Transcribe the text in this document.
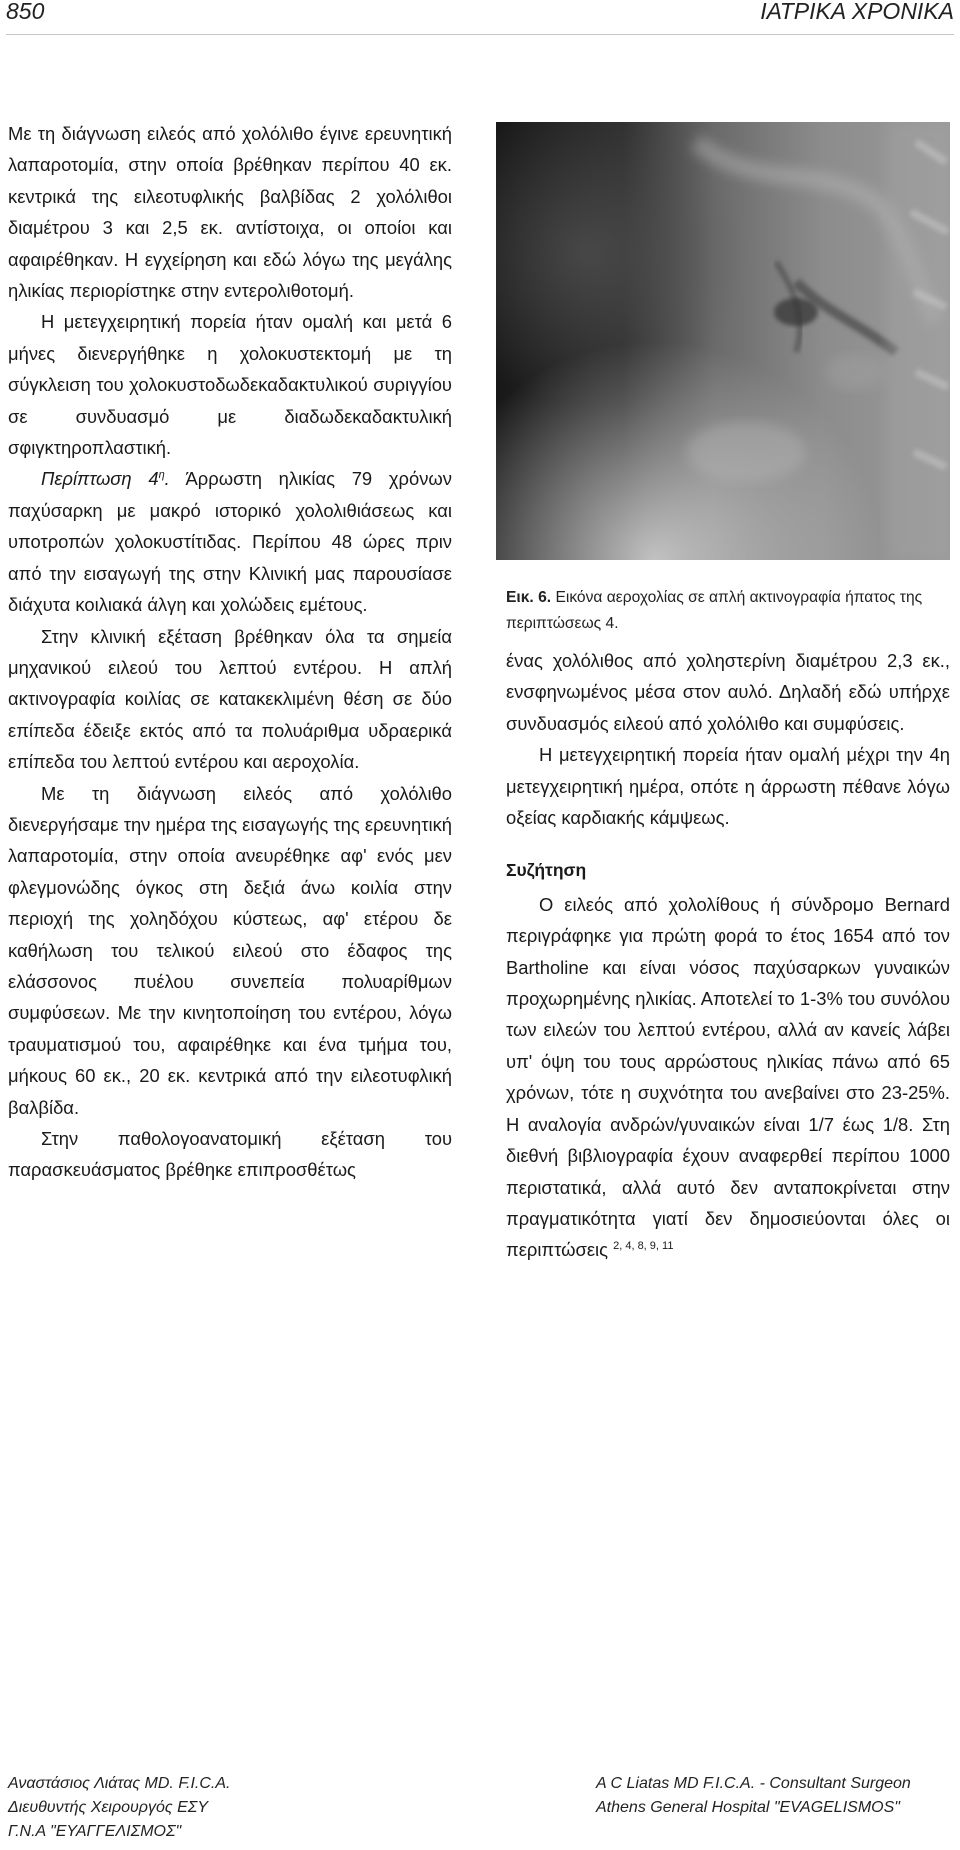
850	ΙΑΤΡΙΚΑ ΧΡΟΝΙΚΑ

Με τη διάγνωση ειλεός από χολόλιθο έγινε ερευνητική λαπαροτομία, στην οποία βρέθηκαν περίπου 40 εκ. κεντρικά της ειλεοτυφλικής βαλβίδας 2 χολόλιθοι διαμέτρου 3 και 2,5 εκ. αντίστοιχα, οι οποίοι και αφαιρέθηκαν. Η εγχείρηση και εδώ λόγω της μεγάλης ηλικίας περιορίστηκε στην εντερολιθοτομή.

Η μετεγχειρητική πορεία ήταν ομαλή και μετά 6 μήνες διενεργήθηκε η χολοκυστεκτομή με τη σύγκλειση του χολοκυστοδωδεκαδακτυλικού συριγγίου σε συνδυασμό με διαδωδεκαδακτυλική σφιγκτηροπλαστική.

Περίπτωση $4^\eta$. Άρρωστη ηλικίας 79 χρόνων παχύσαρκη με μακρό ιστορικό χολολιθιάσεως και υποτροπών χολοκυστίτιδας. Περίπου 48 ώρες πριν από την εισαγωγή της στην Κλινική μας παρουσίασε διάχυτα κοιλιακά άλγη και χολώδεις εμέτους.

Στην κλινική εξέταση βρέθηκαν όλα τα σημεία μηχανικού ειλεού του λεπτού εντέρου. Η απλή ακτινογραφία κοιλίας σε κατακεκλιμένη θέση σε δύο επίπεδα έδειξε εκτός από τα πολυάριθμα υδραερικά επίπεδα του λεπτού εντέρου και αεροχολία.

Με τη διάγνωση ειλεός από χολόλιθο διενεργήσαμε την ημέρα της εισαγωγής της ερευνητική λαπαροτομία, στην οποία ανευρέθηκε αφ' ενός μεν φλεγμονώδης όγκος στη δεξιά άνω κοιλία στην περιοχή της χοληδόχου κύστεως, αφ' ετέρου δε καθήλωση του τελικού ειλεού στο έδαφος της ελάσσονος πυέλου συνεπεία πολυαρίθμων συμφύσεων. Με την κινητοποίηση του εντέρου, λόγω τραυματισμού του, αφαιρέθηκε και ένα τμήμα του, μήκους 60 εκ., 20 εκ. κεντρικά από την ειλεοτυφλική βαλβίδα.

Στην παθολογοανατομική εξέταση του παρασκευάσματος βρέθηκε επιπροσθέτως

Εικ. 6. Εικόνα αεροχολίας σε απλή ακτινογραφία ήπατος της περιπτώσεως 4.

ένας χολόλιθος από χοληστερίνη διαμέτρου 2,3 εκ., ενσφηνωμένος μέσα στον αυλό. Δηλαδή εδώ υπήρχε συνδυασμός ειλεού από χολόλιθο και συμφύσεις.

Η μετεγχειρητική πορεία ήταν ομαλή μέχρι την 4η μετεγχειρητική ημέρα, οπότε η άρρωστη πέθανε λόγω οξείας καρδιακής κάμψεως.

Συζήτηση

Ο ειλεός από χολολίθους ή σύνδρομο Bernard περιγράφηκε για πρώτη φορά το έτος 1654 από τον Bartholine και είναι νόσος παχύσαρκων γυναικών προχωρημένης ηλικίας. Αποτελεί το 1-3% του συνόλου των ειλεών του λεπτού εντέρου, αλλά αν κανείς λάβει υπ' όψη του τους αρρώστους ηλικίας πάνω από 65 χρόνων, τότε η συχνότητα του ανεβαίνει στο 23-25%. Η αναλογία ανδρών/γυναικών είναι 1/7 έως 1/8. Στη διεθνή βιβλιογραφία έχουν αναφερθεί περίπου 1000 περιστατικά, αλλά αυτό δεν ανταποκρίνεται στην πραγματικότητα γιατί δεν δημοσιεύονται όλες οι περιπτώσεις $^{2, 4, 8, 9, 11}$

Αναστάσιος Λιάτας MD. F.I.C.A.
Διευθυντής Χειρουργός ΕΣΥ
Γ.Ν.Α "ΕΥΑΓΓΕΛΙΣΜΟΣ"
A C Liatas MD F.I.C.A. - Consultant Surgeon
Athens General Hospital "EVAGELISMOS"
